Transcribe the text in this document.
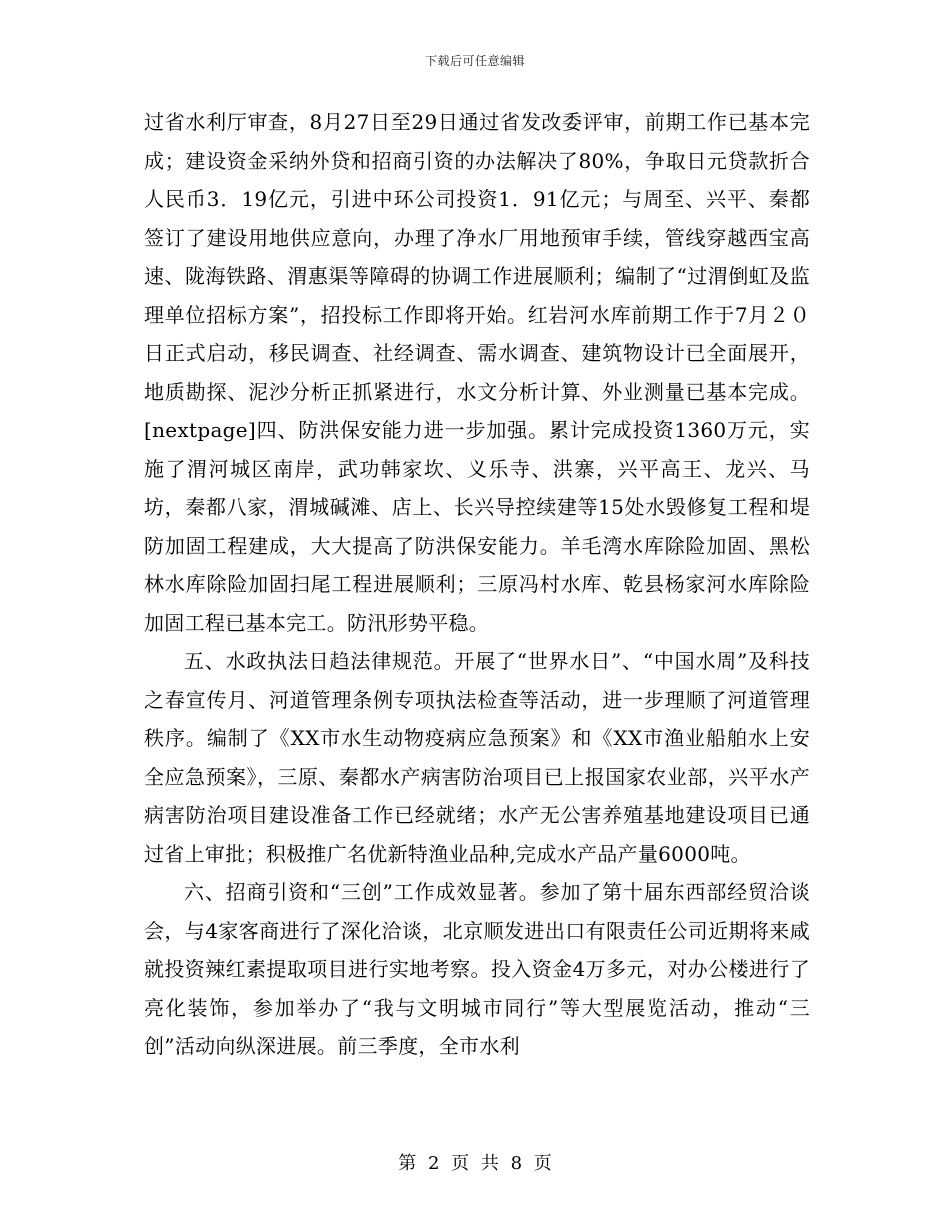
下载后可任意编辑

过省水利厅审查，8月27日至29日通过省发改委评审，前期工作已基本完成；建设资金采纳外贷和招商引资的办法解决了80%，争取日元贷款折合人民币3．19亿元，引进中环公司投资1．91亿元；与周至、兴平、秦都签订了建设用地供应意向，办理了净水厂用地预审手续，管线穿越西宝高速、陇海铁路、渭惠渠等障碍的协调工作进展顺利；编制了“过渭倒虹及监理单位招标方案”，招投标工作即将开始。红岩河水库前期工作于7月２０日正式启动，移民调查、社经调查、需水调查、建筑物设计已全面展开，地质勘探、泥沙分析正抓紧进行，水文分析计算、外业测量已基本完成。[nextpage]四、防洪保安能力进一步加强。累计完成投资1360万元，实施了渭河城区南岸，武功韩家坎、义乐寺、洪寨，兴平高王、龙兴、马坊，秦都八家，渭城碱滩、店上、长兴导控续建等15处水毁修复工程和堤防加固工程建成，大大提高了防洪保安能力。羊毛湾水库除险加固、黑松林水库除险加固扫尾工程进展顺利；三原冯村水库、乾县杨家河水库除险加固工程已基本完工。防汛形势平稳。

五、水政执法日趋法律规范。开展了“世界水日”、“中国水周”及科技之春宣传月、河道管理条例专项执法检查等活动，进一步理顺了河道管理秩序。编制了《XX市水生动物疫病应急预案》和《XX市渔业船舶水上安全应急预案》，三原、秦都水产病害防治项目已上报国家农业部，兴平水产病害防治项目建设准备工作已经就绪；水产无公害养殖基地建设项目已通过省上审批；积极推广名优新特渔业品种,完成水产品产量6000吨。

六、招商引资和“三创”工作成效显著。参加了第十届东西部经贸洽谈会，与4家客商进行了深化洽谈，北京顺发进出口有限责任公司近期将来咸就投资辣红素提取项目进行实地考察。投入资金4万多元，对办公楼进行了亮化装饰，参加举办了“我与文明城市同行”等大型展览活动，推动“三创”活动向纵深进展。前三季度，全市水利

第 2 页 共 8 页
